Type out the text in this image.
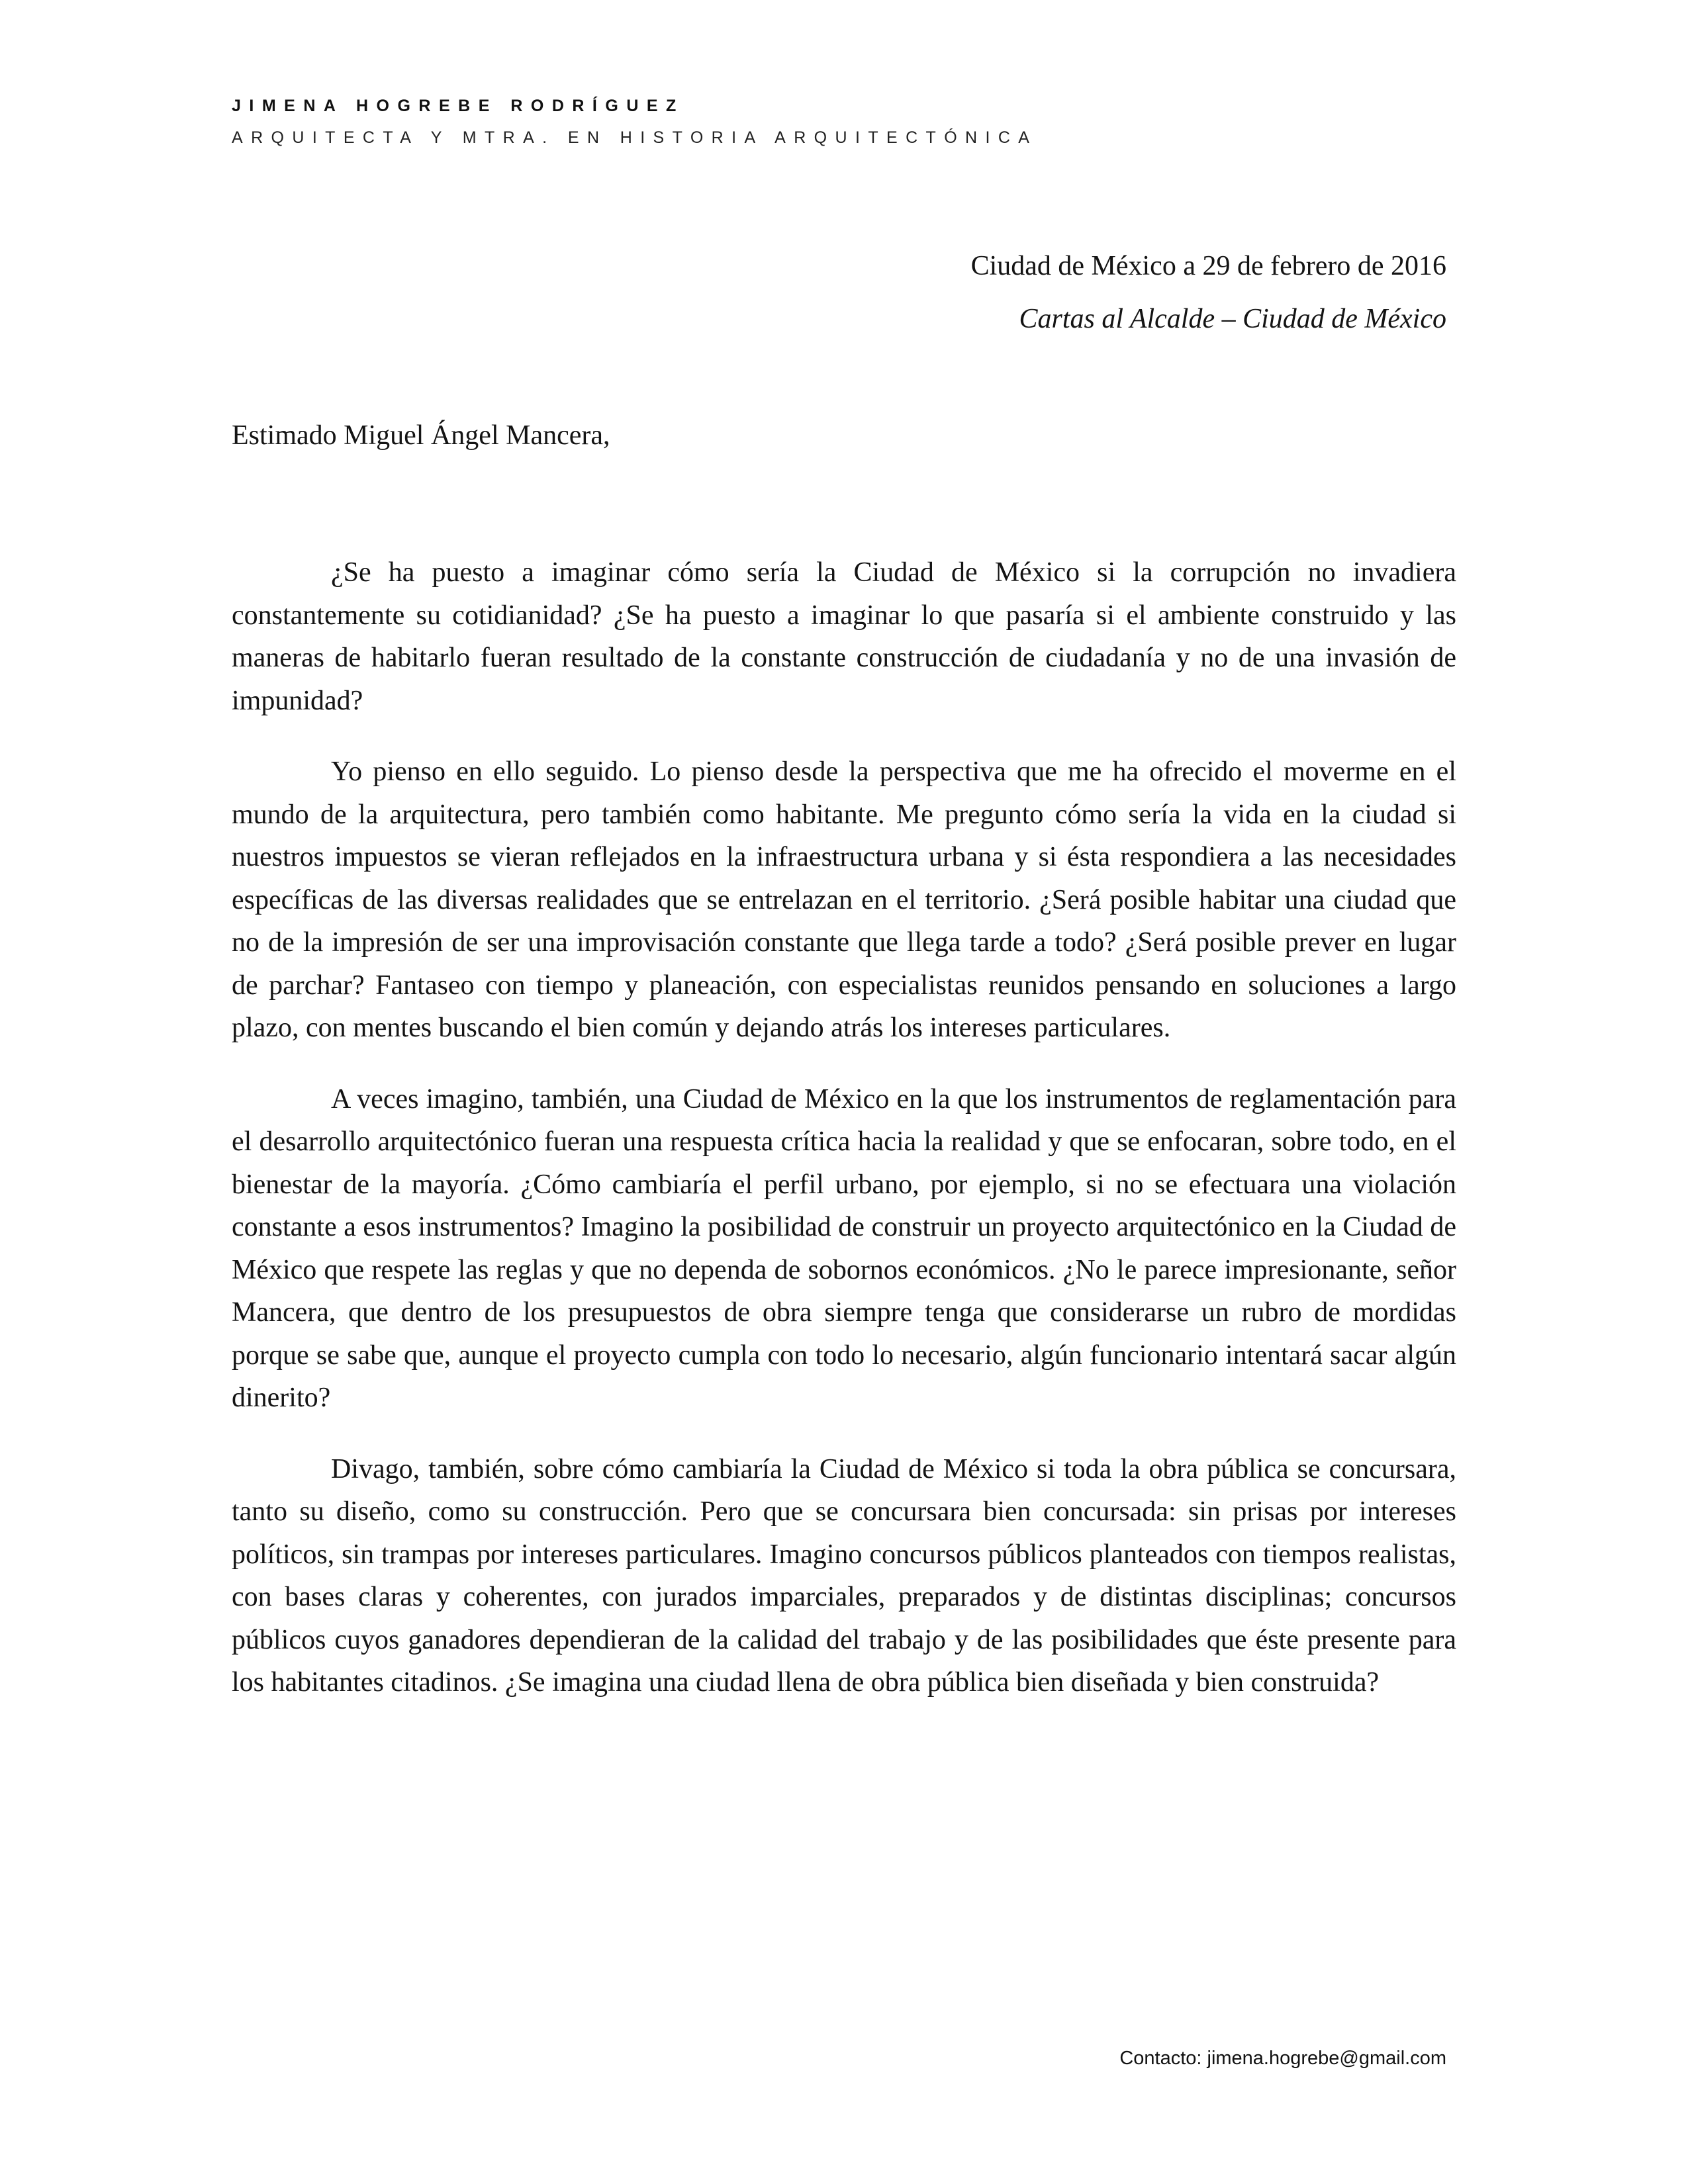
JIMENA HOGREBE RODRÍGUEZ
ARQUITECTA Y MTRA. EN HISTORIA ARQUITECTÓNICA
Ciudad de México a 29 de febrero de 2016
Cartas al Alcalde – Ciudad de México
Estimado Miguel Ángel Mancera,

¿Se ha puesto a imaginar cómo sería la Ciudad de México si la corrupción no invadiera constantemente su cotidianidad? ¿Se ha puesto a imaginar lo que pasaría si el ambiente construido y las maneras de habitarlo fueran resultado de la constante construcción de ciudadanía y no de una invasión de impunidad?

Yo pienso en ello seguido. Lo pienso desde la perspectiva que me ha ofrecido el moverme en el mundo de la arquitectura, pero también como habitante. Me pregunto cómo sería la vida en la ciudad si nuestros impuestos se vieran reflejados en la infraestructura urbana y si ésta respondiera a las necesidades específicas de las diversas realidades que se entrelazan en el territorio. ¿Será posible habitar una ciudad que no de la impresión de ser una improvisación constante que llega tarde a todo? ¿Será posible prever en lugar de parchar? Fantaseo con tiempo y planeación, con especialistas reunidos pensando en soluciones a largo plazo, con mentes buscando el bien común y dejando atrás los intereses particulares.

A veces imagino, también, una Ciudad de México en la que los instrumentos de reglamentación para el desarrollo arquitectónico fueran una respuesta crítica hacia la realidad y que se enfocaran, sobre todo, en el bienestar de la mayoría. ¿Cómo cambiaría el perfil urbano, por ejemplo, si no se efectuara una violación constante a esos instrumentos? Imagino la posibilidad de construir un proyecto arquitectónico en la Ciudad de México que respete las reglas y que no dependa de sobornos económicos. ¿No le parece impresionante, señor Mancera, que dentro de los presupuestos de obra siempre tenga que considerarse un rubro de mordidas porque se sabe que, aunque el proyecto cumpla con todo lo necesario, algún funcionario intentará sacar algún dinerito?

Divago, también, sobre cómo cambiaría la Ciudad de México si toda la obra pública se concursara, tanto su diseño, como su construcción. Pero que se concursara bien concursada: sin prisas por intereses políticos, sin trampas por intereses particulares. Imagino concursos públicos planteados con tiempos realistas, con bases claras y coherentes, con jurados imparciales, preparados y de distintas disciplinas; concursos públicos cuyos ganadores dependieran de la calidad del trabajo y de las posibilidades que éste presente para los habitantes citadinos. ¿Se imagina una ciudad llena de obra pública bien diseñada y bien construida?

Contacto: jimena.hogrebe@gmail.com
